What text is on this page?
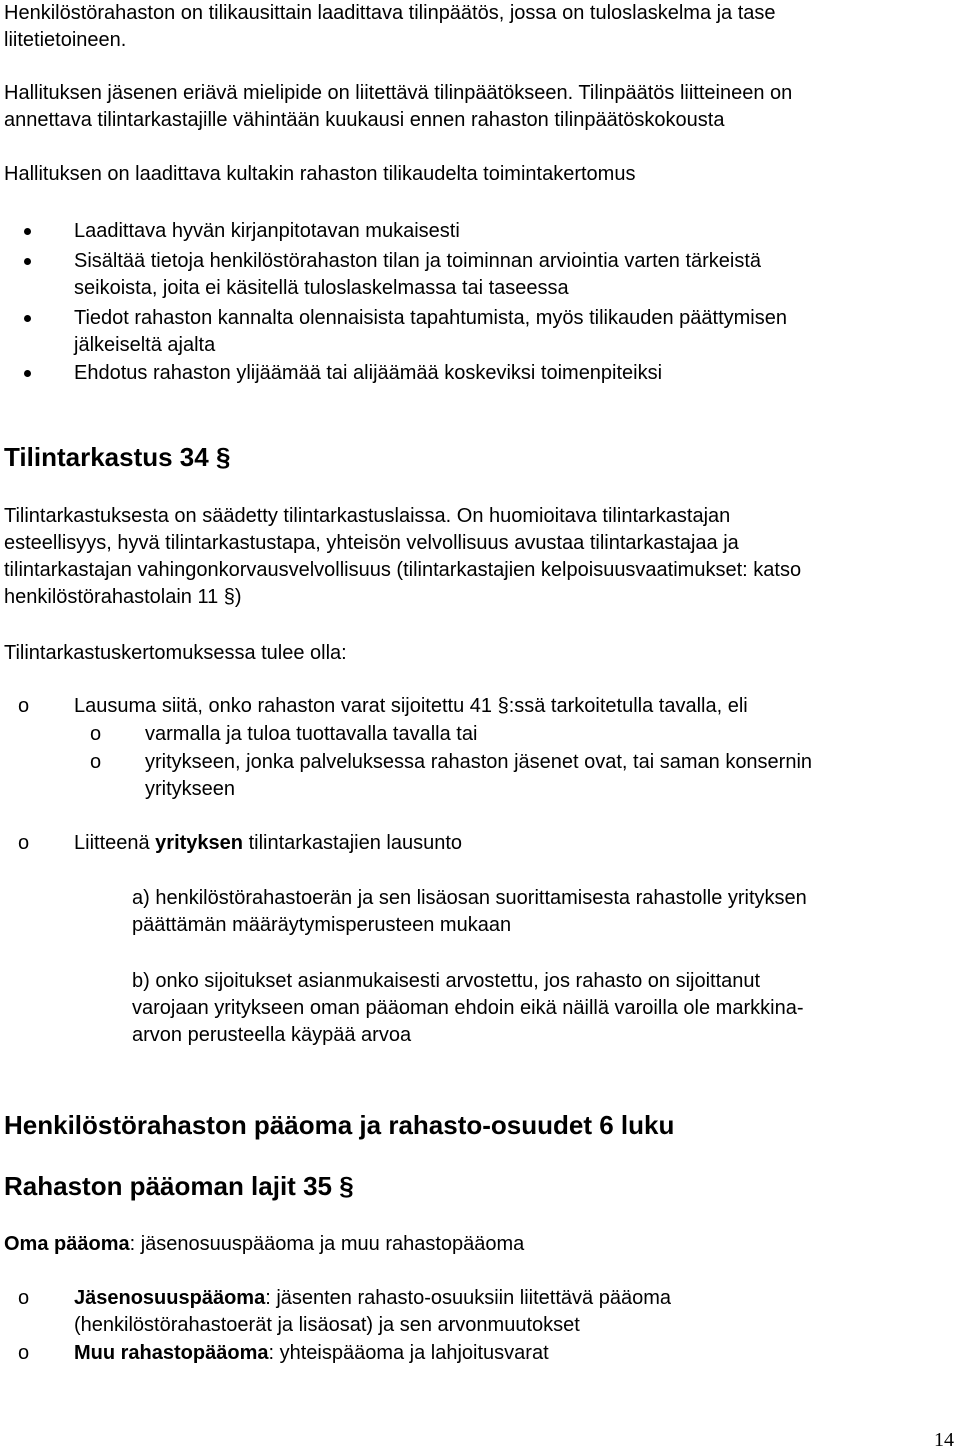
Henkilöstörahaston on tilikausittain laadittava tilinpäätös, jossa on tuloslaskelma ja tase
liitetietoineen.
Hallituksen jäsenen eriävä mielipide on liitettävä tilinpäätökseen. Tilinpäätös liitteineen on
annettava tilintarkastajille vähintään kuukausi ennen rahaston tilinpäätöskokousta
Hallituksen on laadittava kultakin rahaston tilikaudelta toimintakertomus
Laadittava hyvän kirjanpitotavan mukaisesti
Sisältää tietoja henkilöstörahaston tilan ja toiminnan arviointia varten tärkeistä
seikoista, joita ei käsitellä tuloslaskelmassa tai taseessa
Tiedot rahaston kannalta olennaisista tapahtumista, myös tilikauden päättymisen
jälkeiseltä ajalta
Ehdotus rahaston ylijäämää tai alijäämää koskeviksi toimenpiteiksi
Tilintarkastus 34 §
Tilintarkastuksesta on säädetty tilintarkastuslaissa. On huomioitava tilintarkastajan
esteellisyys, hyvä tilintarkastustapa, yhteisön velvollisuus avustaa tilintarkastajaa ja
tilintarkastajan vahingonkorvausvelvollisuus (tilintarkastajien kelpoisuusvaatimukset: katso
henkilöstörahastolain 11 §)
Tilintarkastuskertomuksessa tulee olla:
o Lausuma siitä, onko rahaston varat sijoitettu 41 §:ssä tarkoitetulla tavalla, eli
o varmalla ja tuloa tuottavalla tavalla tai
o yritykseen, jonka palveluksessa rahaston jäsenet ovat, tai saman konsernin
yritykseen
o Liitteenä yrityksen tilintarkastajien lausunto
a) henkilöstörahastoerän ja sen lisäosan suorittamisesta rahastolle yrityksen
päättämän määräytymisperusteen mukaan
b) onko sijoitukset asianmukaisesti arvostettu, jos rahasto on sijoittanut
varojaan yritykseen oman pääoman ehdoin eikä näillä varoilla ole markkina-
arvon perusteella käypää arvoa
Henkilöstörahaston pääoma ja rahasto-osuudet 6 luku
Rahaston pääoman lajit 35 §
Oma pääoma: jäsenosuuspääoma ja muu rahastopääoma
o Jäsenosuuspääoma: jäsenten rahasto-osuuksiin liitettävä pääoma
(henkilöstörahastoerät ja lisäosat) ja sen arvonmuutokset
o Muu rahastopääoma: yhteispääoma ja lahjoitusvarat
14
